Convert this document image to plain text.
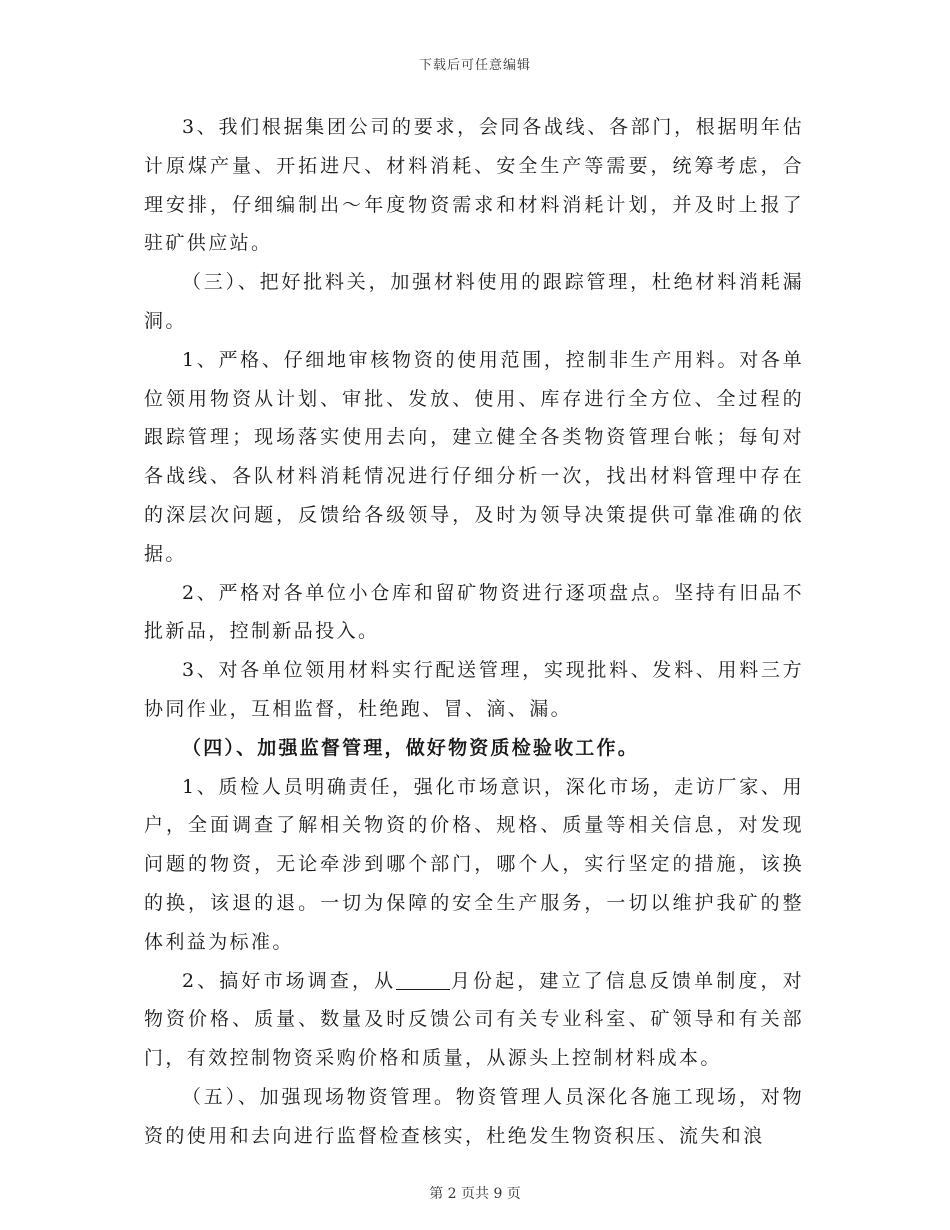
下载后可任意编辑

3、我们根据集团公司的要求，会同各战线、各部门，根据明年估计原煤产量、开拓进尺、材料消耗、安全生产等需要，统筹考虑，合理安排，仔细编制出～年度物资需求和材料消耗计划，并及时上报了驻矿供应站。

（三）、把好批料关，加强材料使用的跟踪管理，杜绝材料消耗漏洞。

1、严格、仔细地审核物资的使用范围，控制非生产用料。对各单位领用物资从计划、审批、发放、使用、库存进行全方位、全过程的跟踪管理；现场落实使用去向，建立健全各类物资管理台帐；每旬对各战线、各队材料消耗情况进行仔细分析一次，找出材料管理中存在的深层次问题，反馈给各级领导，及时为领导决策提供可靠准确的依据。

2、严格对各单位小仓库和留矿物资进行逐项盘点。坚持有旧品不批新品，控制新品投入。

3、对各单位领用材料实行配送管理，实现批料、发料、用料三方协同作业，互相监督，杜绝跑、冒、滴、漏。

（四）、加强监督管理，做好物资质检验收工作。

1、质检人员明确责任，强化市场意识，深化市场，走访厂家、用户，全面调查了解相关物资的价格、规格、质量等相关信息，对发现问题的物资，无论牵涉到哪个部门，哪个人，实行坚定的措施，该换的换，该退的退。一切为保障的安全生产服务，一切以维护我矿的整体利益为标准。

2、搞好市场调查，从	月份起，建立了信息反馈单制度，对物资价格、质量、数量及时反馈公司有关专业科室、矿领导和有关部门，有效控制物资采购价格和质量，从源头上控制材料成本。

（五）、加强现场物资管理。物资管理人员深化各施工现场，对物资的使用和去向进行监督检查核实，杜绝发生物资积压、流失和浪

第 2 页共 9 页
